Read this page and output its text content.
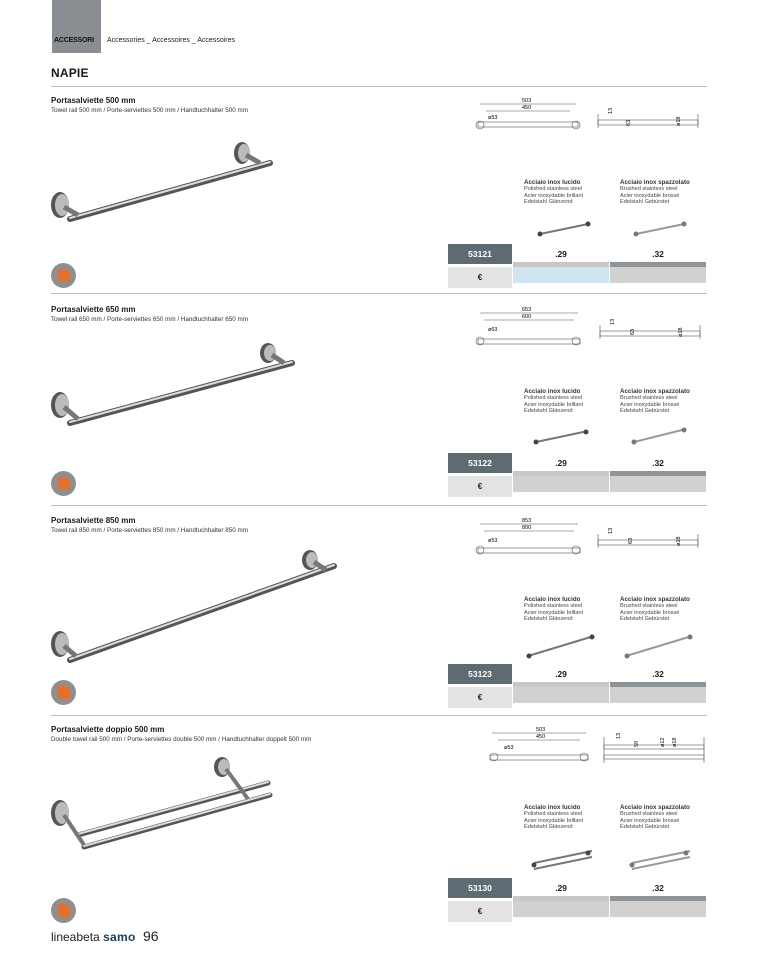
ACCESSORI Accessories _ Accessoires _ Accessoires
NAPIE
Portasalviette 500 mm
Towel rail 500 mm / Porte-serviettes 500 mm / Handtuchhalter 500 mm
503
450
ø53
13
63	ø18
Acciaio inox lucido
Polished stainless steel
Acier inoxydable brillant
Edelstahl Glänzend
Acciaio inox spazzolato
Brushed stainless steel
Acier inoxydable brossé
Edelstahl Gebürstet
53121	.29	.32
€
Portasalviette 650 mm
Towel rail 650 mm / Porte-serviettes 650 mm / Handtuchhalter 650 mm
653
600
ø63
13
63	ø18
Acciaio inox lucido
Polished stainless steel
Acier inoxydable brillant
Edelstahl Glänzend
Acciaio inox spazzolato
Brushed stainless steel
Acier inoxydable brossé
Edelstahl Gebürstet
53122	.29	.32
€
Portasalviette 850 mm
Towel rail 850 mm / Porte-serviettes 850 mm / Handtuchhalter 850 mm
853
800
ø53
13
63	ø18
Acciaio inox lucido
Polished stainless steel
Acier inoxydable brillant
Edelstahl Glänzend
Acciaio inox spazzolato
Brushed stainless steel
Acier inoxydable brossé
Edelstahl Gebürstet
53123	.29	.32
€
Portasalviette doppio 500 mm
Double towel rail 500 mm / Porte-serviettes double 500 mm / Handtuchhalter doppelt 500 mm
503
450
ø53
13
59	ø12 ø18
Acciaio inox lucido
Polished stainless steel
Acier inoxydable brillant
Edelstahl Glänzend
Acciaio inox spazzolato
Brushed stainless steel
Acier inoxydable brossé
Edelstahl Gebürstet
53130	.29	.32
€
lineabeta samo 96
